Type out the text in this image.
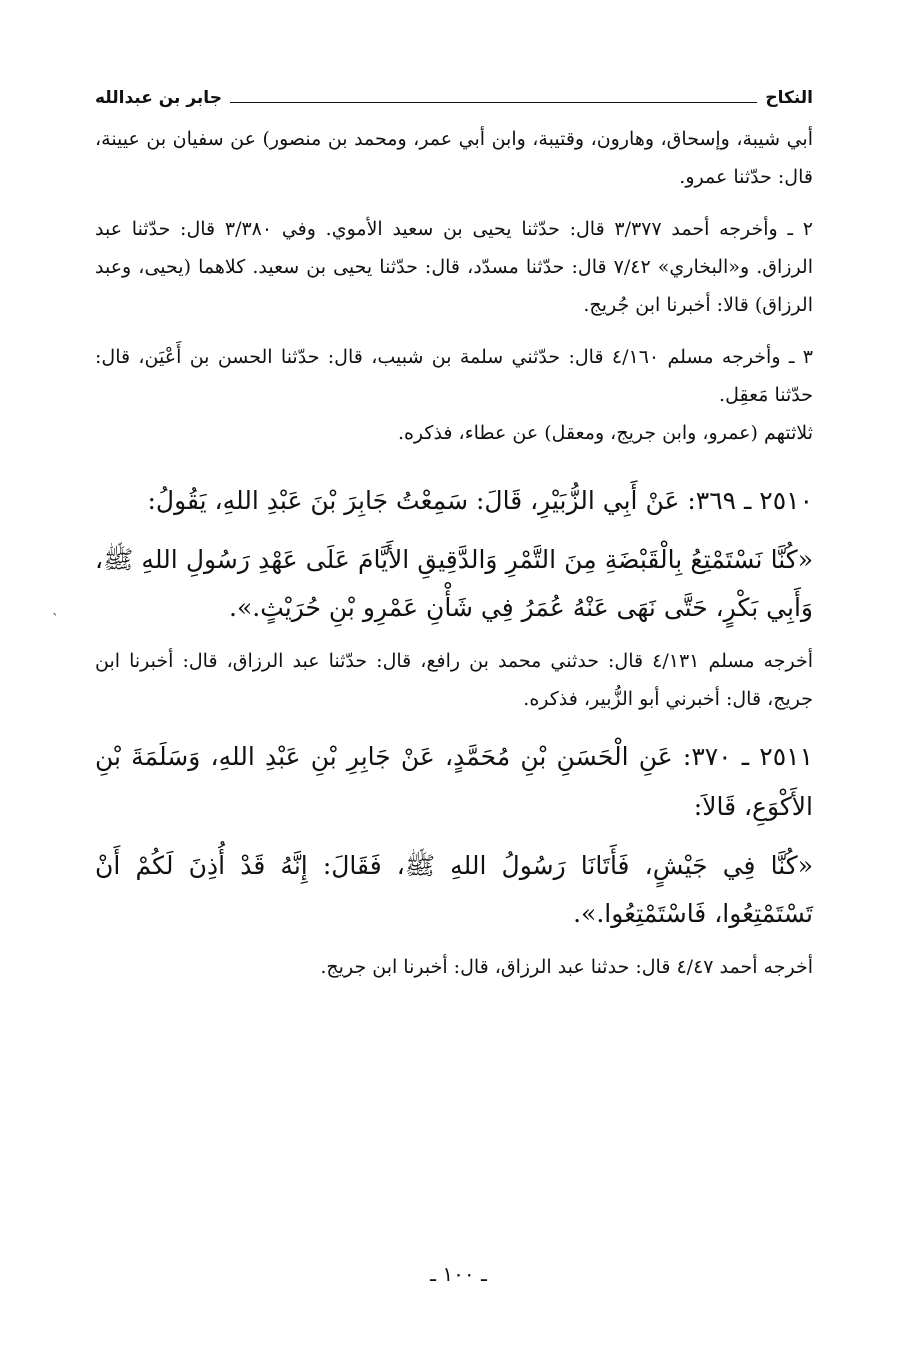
النكاح
جابر بن عبدالله

أبي شيبة، وإسحاق، وهارون، وقتيبة، وابن أبي عمر، ومحمد بن منصور) عن سفيان بن عيينة، قال: حدّثنا عمرو.

٢ ـ وأخرجه أحمد ٣/٣٧٧ قال: حدّثنا يحيى بن سعيد الأموي. وفي ٣/٣٨٠ قال: حدّثنا عبد الرزاق. و«البخاري» ٧/٤٢ قال: حدّثنا مسدّد، قال: حدّثنا يحيى بن سعيد. كلاهما (يحيى، وعبد الرزاق) قالا: أخبرنا ابن جُريج.

٣ ـ وأخرجه مسلم ٤/١٦٠ قال: حدّثني سلمة بن شبيب، قال: حدّثنا الحسن بن أَعْيَن، قال: حدّثنا مَعقِل.

ثلاثتهم (عمرو، وابن جريج، ومعقل) عن عطاء، فذكره.

٢٥١٠ ـ ٣٦٩: عَنْ أَبِي الزُّبَيْرِ، قَالَ: سَمِعْتُ جَابِرَ بْنَ عَبْدِ اللهِ، يَقُولُ:

«كُنَّا نَسْتَمْتِعُ بِالْقَبْضَةِ مِنَ التَّمْرِ وَالدَّقِيقِ الأَيَّامَ عَلَى عَهْدِ رَسُولِ اللهِ ﷺ، وَأَبِي بَكْرٍ، حَتَّى نَهَى عَنْهُ عُمَرُ فِي شَأْنِ عَمْرِو بْنِ حُرَيْثٍ.».

أخرجه مسلم ٤/١٣١ قال: حدثني محمد بن رافع، قال: حدّثنا عبد الرزاق، قال: أخبرنا ابن جريج، قال: أخبرني أبو الزُّبير، فذكره.

٢٥١١ ـ ٣٧٠: عَنِ الْحَسَنِ بْنِ مُحَمَّدٍ، عَنْ جَابِرِ بْنِ عَبْدِ اللهِ، وَسَلَمَةَ بْنِ الأَكْوَعِ، قَالاَ:

«كُنَّا فِي جَيْشٍ، فَأَتَانَا رَسُولُ اللهِ ﷺ، فَقَالَ: إِنَّهُ قَدْ أُذِنَ لَكُمْ أَنْ تَسْتَمْتِعُوا، فَاسْتَمْتِعُوا.».

أخرجه أحمد ٤/٤٧ قال: حدثنا عبد الرزاق، قال: أخبرنا ابن جريج.

`
ـ ١٠٠ ـ
